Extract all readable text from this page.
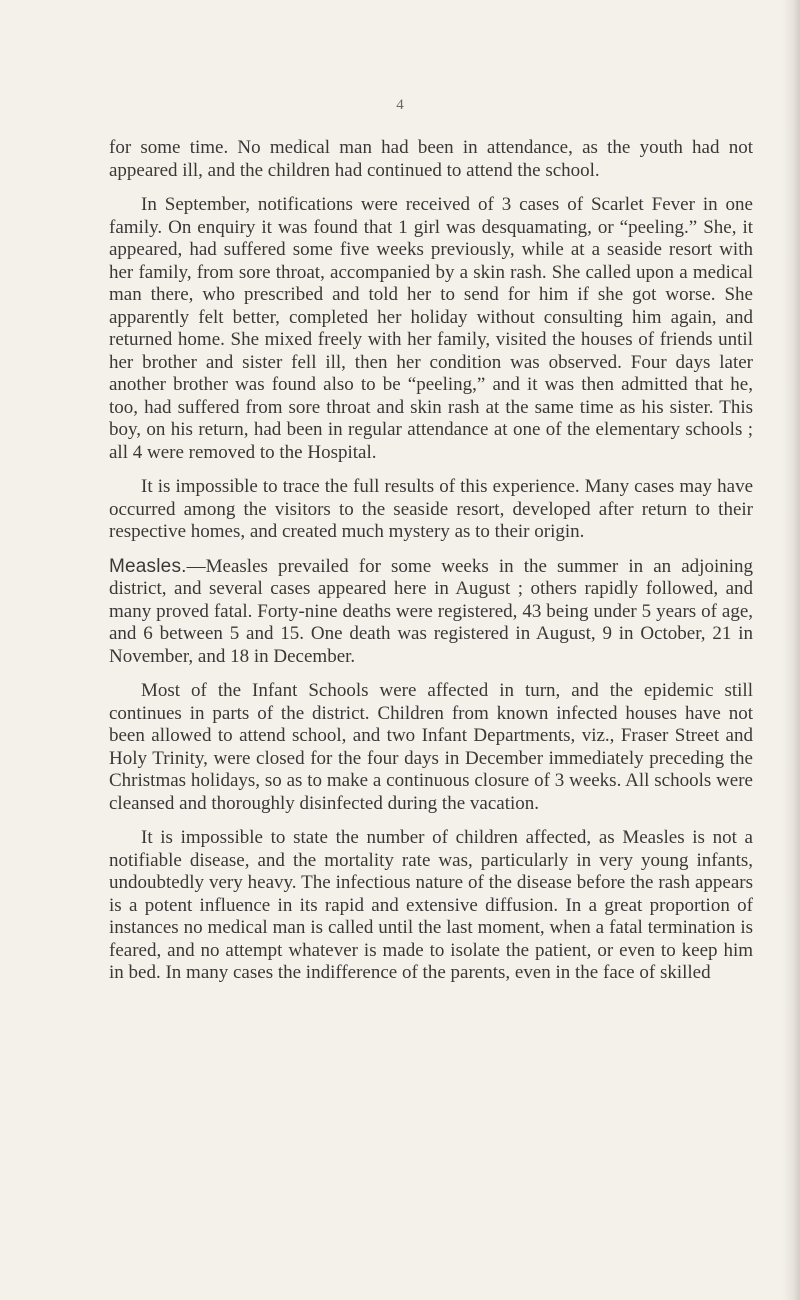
4

for some time. No medical man had been in attendance, as the youth had not appeared ill, and the children had continued to attend the school.

In September, notifications were received of 3 cases of Scarlet Fever in one family. On enquiry it was found that 1 girl was desquamating, or “peeling.” She, it appeared, had suffered some five weeks previously, while at a seaside resort with her family, from sore throat, accompanied by a skin rash. She called upon a medical man there, who prescribed and told her to send for him if she got worse. She apparently felt better, completed her holiday without consulting him again, and returned home. She mixed freely with her family, visited the houses of friends until her brother and sister fell ill, then her condition was observed. Four days later another brother was found also to be “peeling,” and it was then admitted that he, too, had suffered from sore throat and skin rash at the same time as his sister. This boy, on his return, had been in regular attendance at one of the elementary schools ; all 4 were removed to the Hospital.

It is impossible to trace the full results of this experience. Many cases may have occurred among the visitors to the seaside resort, developed after return to their respective homes, and created much mystery as to their origin.

Measles.—Measles prevailed for some weeks in the summer in an adjoining district, and several cases appeared here in August ; others rapidly followed, and many proved fatal. Forty-nine deaths were registered, 43 being under 5 years of age, and 6 between 5 and 15. One death was registered in August, 9 in October, 21 in November, and 18 in December.

Most of the Infant Schools were affected in turn, and the epidemic still continues in parts of the district. Children from known infected houses have not been allowed to attend school, and two Infant Departments, viz., Fraser Street and Holy Trinity, were closed for the four days in December immediately preceding the Christmas holidays, so as to make a continuous closure of 3 weeks. All schools were cleansed and thoroughly disinfected during the vacation.

It is impossible to state the number of children affected, as Measles is not a notifiable disease, and the mortality rate was, particularly in very young infants, undoubtedly very heavy. The infectious nature of the disease before the rash appears is a potent influence in its rapid and extensive diffusion. In a great proportion of instances no medical man is called until the last moment, when a fatal termination is feared, and no attempt whatever is made to isolate the patient, or even to keep him in bed. In many cases the indifference of the parents, even in the face of skilled
